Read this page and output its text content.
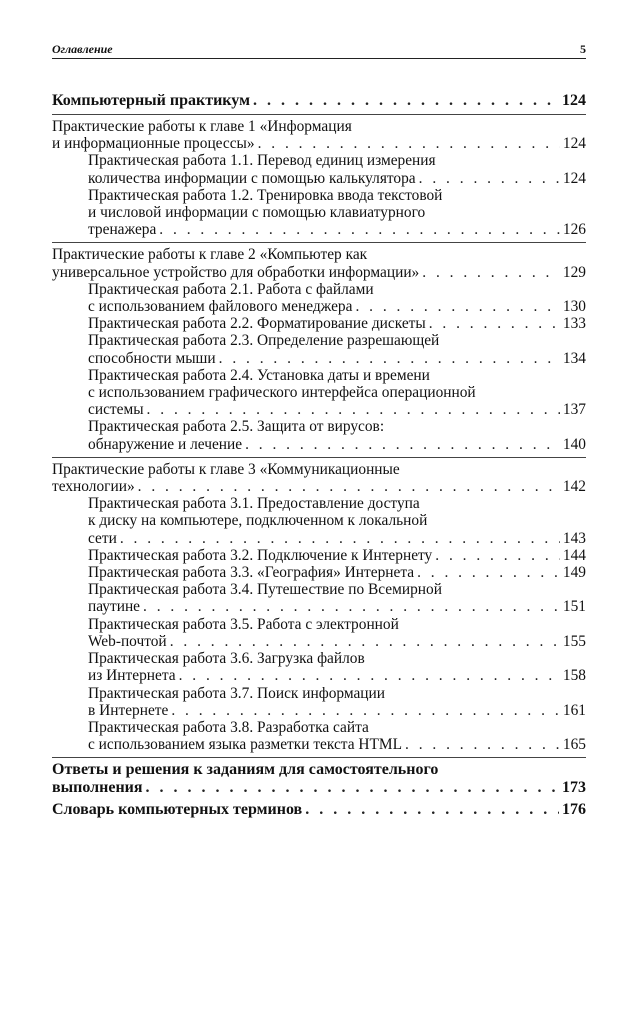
Оглавление	5
Компьютерный практикум . . .	124
Практические работы к главе 1 «Информация
и информационные процессы» . . .	124
Практическая работа 1.1. Перевод единиц измерения
количества информации с помощью калькулятора . . .	124
Практическая работа 1.2. Тренировка ввода текстовой
и числовой информации с помощью клавиатурного
тренажера . . .	126
Практические работы к главе 2 «Компьютер как
универсальное устройство для обработки информации» . . .	129
Практическая работа 2.1. Работа с файлами
с использованием файлового менеджера . . .	130
Практическая работа 2.2. Форматирование дискеты . . .	133
Практическая работа 2.3. Определение разрешающей
способности мыши . . .	134
Практическая работа 2.4. Установка даты и времени
с использованием графического интерфейса операционной
системы . . .	137
Практическая работа 2.5. Защита от вирусов:
обнаружение и лечение . . .	140
Практические работы к главе 3 «Коммуникационные
технологии» . . .	142
Практическая работа 3.1. Предоставление доступа
к диску на компьютере, подключенном к локальной
сети . . .	143
Практическая работа 3.2. Подключение к Интернету . . .	144
Практическая работа 3.3. «География» Интернета . . .	149
Практическая работа 3.4. Путешествие по Всемирной
паутине . . .	151
Практическая работа 3.5. Работа с электронной
Web-почтой . . .	155
Практическая работа 3.6. Загрузка файлов
из Интернета . . .	158
Практическая работа 3.7. Поиск информации
в Интернете . . .	161
Практическая работа 3.8. Разработка сайта
с использованием языка разметки текста HTML . . .	165
Ответы и решения к заданиям для самостоятельного
выполнения . . .	173
Словарь компьютерных терминов . . .	176
